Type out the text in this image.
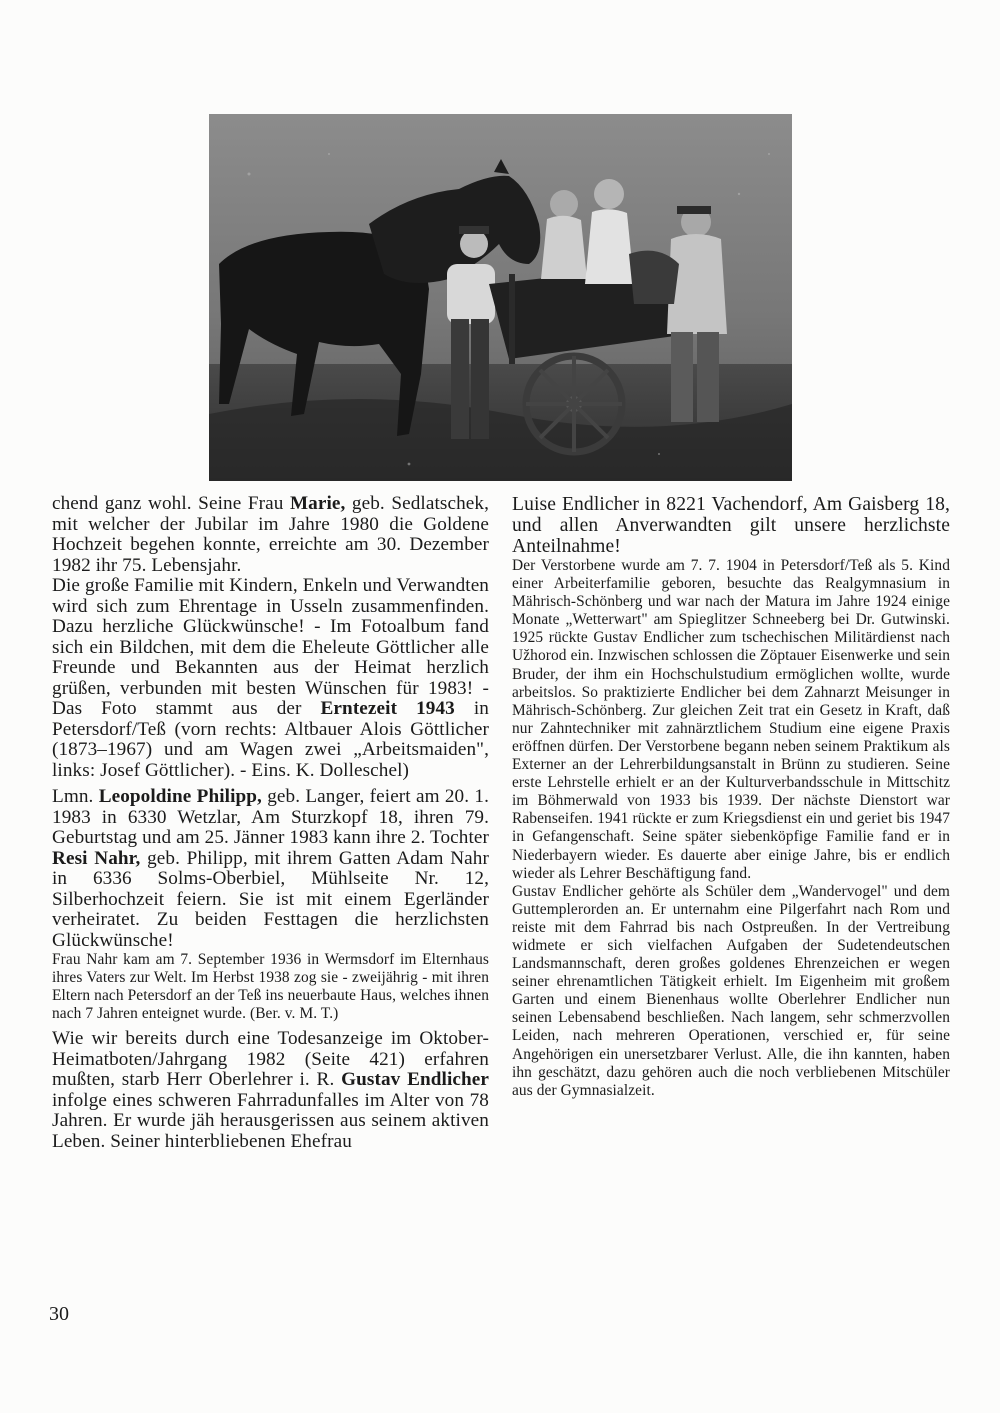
chend ganz wohl. Seine Frau Marie, geb. Sedlatschek, mit welcher der Jubilar im Jahre 1980 die Goldene Hochzeit begehen konnte, erreichte am 30. Dezember 1982 ihr 75. Lebensjahr.

Die große Familie mit Kindern, Enkeln und Verwandten wird sich zum Ehrentage in Usseln zusammenfinden. Dazu herzliche Glückwünsche! - Im Fotoalbum fand sich ein Bildchen, mit dem die Eheleute Göttlicher alle Freunde und Bekannten aus der Heimat herzlich grüßen, verbunden mit besten Wünschen für 1983! - Das Foto stammt aus der Erntezeit 1943 in Petersdorf/Teß (vorn rechts: Altbauer Alois Göttlicher (1873–1967) und am Wagen zwei „Arbeitsmaiden", links: Josef Göttlicher). - Eins. K. Dolleschel)

Lmn. Leopoldine Philipp, geb. Langer, feiert am 20. 1. 1983 in 6330 Wetzlar, Am Sturzkopf 18, ihren 79. Geburtstag und am 25. Jänner 1983 kann ihre 2. Tochter Resi Nahr, geb. Philipp, mit ihrem Gatten Adam Nahr in 6336 Solms-Oberbiel, Mühlseite Nr. 12, Silberhochzeit feiern. Sie ist mit einem Egerländer verheiratet. Zu beiden Festtagen die herzlichsten Glückwünsche!

Frau Nahr kam am 7. September 1936 in Wermsdorf im Elternhaus ihres Vaters zur Welt. Im Herbst 1938 zog sie - zweijährig - mit ihren Eltern nach Petersdorf an der Teß ins neuerbaute Haus, welches ihnen nach 7 Jahren enteignet wurde. (Ber. v. M. T.)

Wie wir bereits durch eine Todesanzeige im Oktober-Heimatboten/Jahrgang 1982 (Seite 421) erfahren mußten, starb Herr Oberlehrer i. R. Gustav Endlicher infolge eines schweren Fahrradunfalles im Alter von 78 Jahren. Er wurde jäh herausgerissen aus seinem aktiven Leben. Seiner hinterbliebenen Ehefrau

Luise Endlicher in 8221 Vachendorf, Am Gaisberg 18, und allen Anverwandten gilt unsere herzlichste Anteilnahme!

Der Verstorbene wurde am 7. 7. 1904 in Petersdorf/Teß als 5. Kind einer Arbeiterfamilie geboren, besuchte das Realgymnasium in Mährisch-Schönberg und war nach der Matura im Jahre 1924 einige Monate „Wetterwart" am Spieglitzer Schneeberg bei Dr. Gutwinski. 1925 rückte Gustav Endlicher zum tschechischen Militärdienst nach Užhorod ein. Inzwischen schlossen die Zöptauer Eisenwerke und sein Bruder, der ihm ein Hochschulstudium ermöglichen wollte, wurde arbeitslos. So praktizierte Endlicher bei dem Zahnarzt Meisunger in Mährisch-Schönberg. Zur gleichen Zeit trat ein Gesetz in Kraft, daß nur Zahntechniker mit zahnärztlichem Studium eine eigene Praxis eröffnen dürfen. Der Verstorbene begann neben seinem Praktikum als Externer an der Lehrerbildungsanstalt in Brünn zu studieren. Seine erste Lehrstelle erhielt er an der Kulturverbandsschule in Mittschitz im Böhmerwald von 1933 bis 1939. Der nächste Dienstort war Rabenseifen. 1941 rückte er zum Kriegsdienst ein und geriet bis 1947 in Gefangenschaft. Seine später siebenköpfige Familie fand er in Niederbayern wieder. Es dauerte aber einige Jahre, bis er endlich wieder als Lehrer Beschäftigung fand.

Gustav Endlicher gehörte als Schüler dem „Wandervogel" und dem Guttemplerorden an. Er unternahm eine Pilgerfahrt nach Rom und reiste mit dem Fahrrad bis nach Ostpreußen. In der Vertreibung widmete er sich vielfachen Aufgaben der Sudetendeutschen Landsmannschaft, deren großes goldenes Ehrenzeichen er wegen seiner ehrenamtlichen Tätigkeit erhielt. Im Eigenheim mit großem Garten und einem Bienenhaus wollte Oberlehrer Endlicher nun seinen Lebensabend beschließen. Nach langem, sehr schmerzvollen Leiden, nach mehreren Operationen, verschied er, für seine Angehörigen ein unersetzbarer Verlust. Alle, die ihn kannten, haben ihn geschätzt, dazu gehören auch die noch verbliebenen Mitschüler aus der Gymnasialzeit.

30
